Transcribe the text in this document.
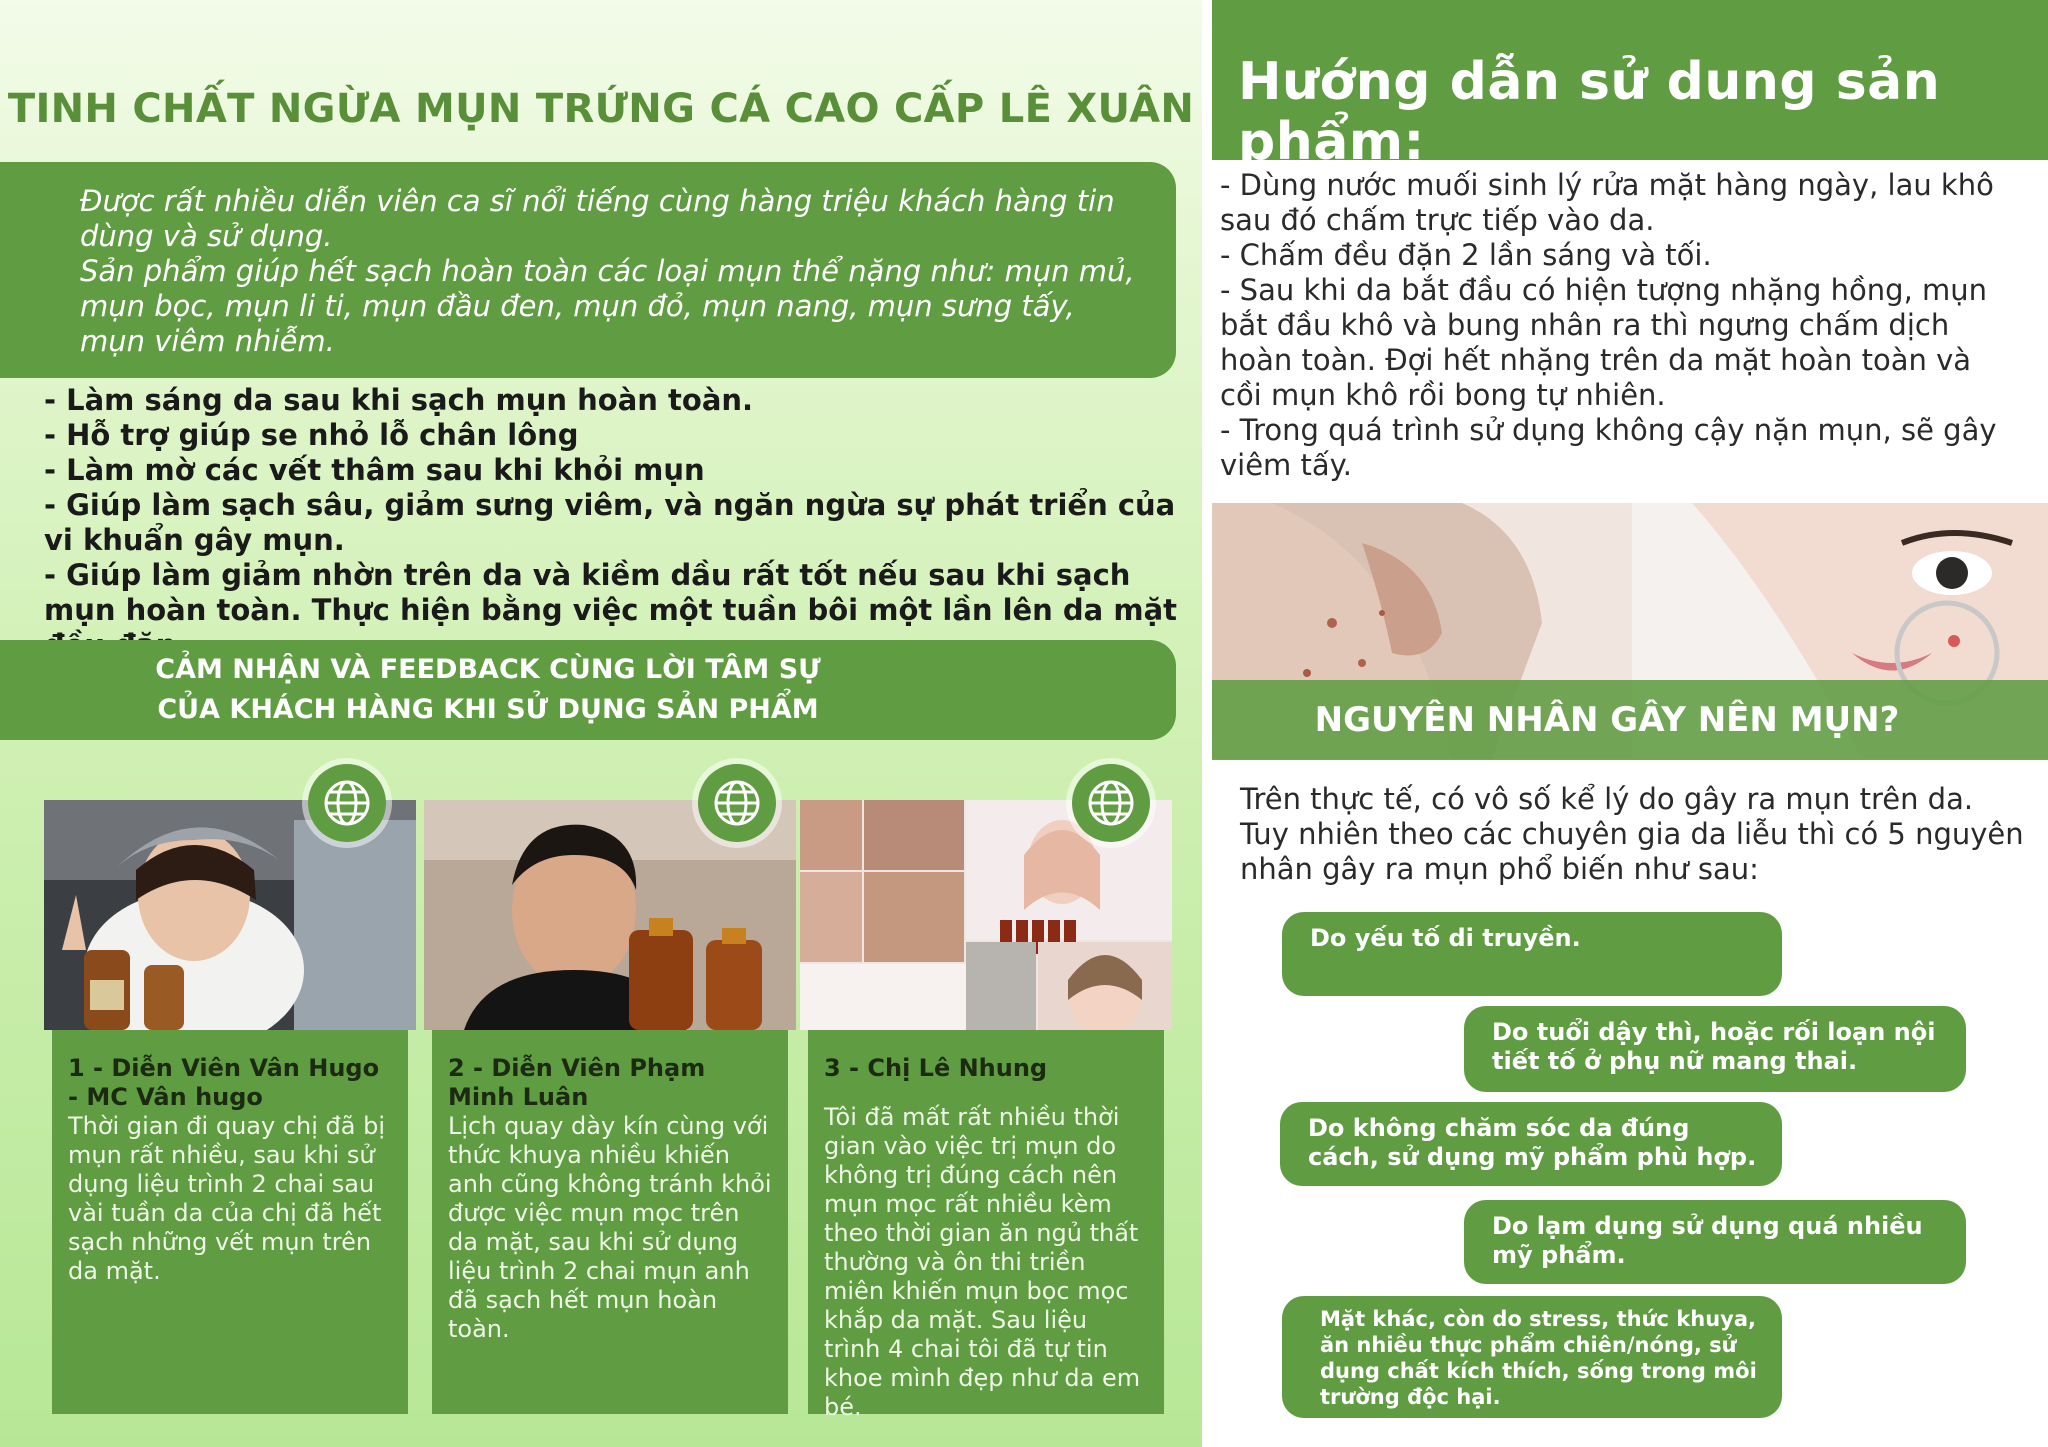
TINH CHẤT NGỪA MỤN TRỨNG CÁ CAO CẤP LÊ XUÂN

Được rất nhiều diễn viên ca sĩ nổi tiếng cùng hàng triệu khách hàng tin dùng và sử dụng.

Sản phẩm giúp hết sạch hoàn toàn các loại mụn thể nặng như: mụn mủ, mụn bọc, mụn li ti, mụn đầu đen, mụn đỏ, mụn nang, mụn sưng tấy, mụn viêm nhiễm.

- Làm sáng da sau khi sạch mụn hoàn toàn.
- Hỗ trợ giúp se nhỏ lỗ chân lông
- Làm mờ các vết thâm sau khi khỏi mụn
- Giúp làm sạch sâu, giảm sưng viêm, và ngăn ngừa sự phát triển của vi khuẩn gây mụn.
- Giúp làm giảm nhờn trên da và kiềm dầu rất tốt nếu sau khi sạch mụn hoàn toàn. Thực hiện bằng việc một tuần bôi một lần lên da mặt
CẢM NHẬN VÀ FEEDBACK CÙNG LỜI TÂM SỰ
CỦA KHÁCH HÀNG KHI SỬ DỤNG SẢN PHẨM
1 - Diễn Viên Vân Hugo - MC Vân hugo
Thời gian đi quay chị đã bị mụn rất nhiều, sau khi sử dụng liệu trình 2 chai sau vài tuần da của chị đã hết sạch những vết mụn trên da mặt.
2 - Diễn Viên Phạm Minh Luân
Lịch quay dày kín cùng với thức khuya nhiều khiến anh cũng không tránh khỏi được việc mụn mọc trên da mặt, sau khi sử dụng liệu trình 2 chai mụn anh đã sạch hết mụn hoàn toàn.
3 - Chị Lê Nhung
Tôi đã mất rất nhiều thời gian vào việc trị mụn do không trị đúng cách nên mụn mọc rất nhiều kèm theo thời gian ăn ngủ thất thường và ôn thi triền miên khiến mụn bọc mọc khắp da mặt. Sau liệu trình 4 chai tôi đã tự tin khoe mình đẹp như da em bé.
Hướng dẫn sử dung sản phẩm:
- Dùng nước muối sinh lý rửa mặt hàng ngày, lau khô sau đó chấm trực tiếp vào da.
- Chấm đều đặn 2 lần sáng và tối.
- Sau khi da bắt đầu có hiện tượng nhặng hồng, mụn bắt đầu khô và bung nhân ra thì ngưng chấm dịch hoàn toàn. Đợi hết nhặng trên da mặt hoàn toàn và cồi mụn khô rồi bong tự nhiên.
- Trong quá trình sử dụng không cậy nặn mụn, sẽ gây viêm tấy.
NGUYÊN NHÂN GÂY NÊN MỤN?
Trên thực tế, có vô số kể lý do gây ra mụn trên da. Tuy nhiên theo các chuyên gia da liễu thì có 5 nguyên nhân gây ra mụn phổ biến như sau:
Do yếu tố di truyền.
Do tuổi dậy thì, hoặc rối loạn nội tiết tố ở phụ nữ mang thai.
Do không chăm sóc da đúng cách, sử dụng mỹ phẩm phù hợp.
Do lạm dụng sử dụng quá nhiều mỹ phẩm.
Mặt khác, còn do stress, thức khuya, ăn nhiều thực phẩm chiên/nóng, sử dụng chất kích thích, sống trong môi trường độc hại.
